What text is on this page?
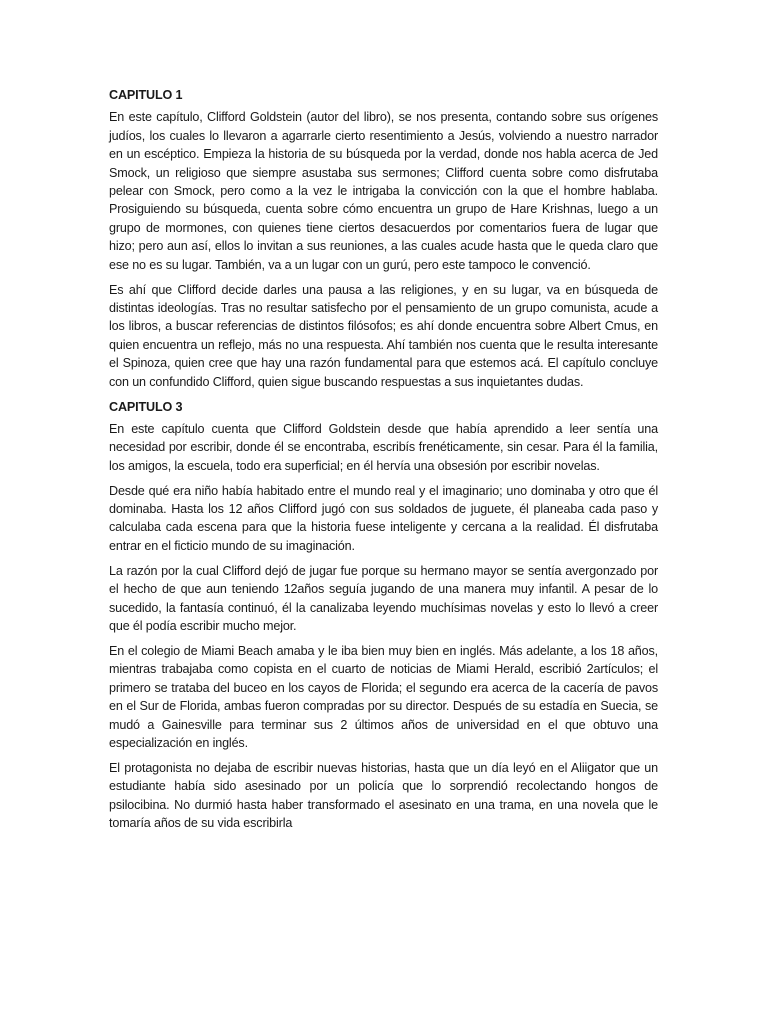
CAPITULO 1

En este capítulo, Clifford Goldstein (autor del libro), se nos presenta, contando sobre sus orígenes judíos, los cuales lo llevaron a agarrarle cierto resentimiento a Jesús, volviendo a nuestro narrador en un escéptico. Empieza la historia de su búsqueda por la verdad, donde nos habla acerca de Jed Smock, un religioso que siempre asustaba sus sermones; Clifford cuenta sobre como disfrutaba pelear con Smock, pero como a la vez le intrigaba la convicción con la que el hombre hablaba. Prosiguiendo su búsqueda, cuenta sobre cómo encuentra un grupo de Hare Krishnas, luego a un grupo de mormones, con quienes tiene ciertos desacuerdos por comentarios fuera de lugar que hizo; pero aun así, ellos lo invitan a sus reuniones, a las cuales acude hasta que le queda claro que ese no es su lugar. También, va a un lugar con un gurú, pero este tampoco le convenció.

Es ahí que Clifford decide darles una pausa a las religiones, y en su lugar, va en búsqueda de distintas ideologías. Tras no resultar satisfecho por el pensamiento de un grupo comunista, acude a los libros, a buscar referencias de distintos filósofos; es ahí donde encuentra sobre Albert Cmus, en quien encuentra un reflejo, más no una respuesta. Ahí también nos cuenta que le resulta interesante el Spinoza, quien cree que hay una razón fundamental para que estemos acá. El capítulo concluye con un confundido Clifford, quien sigue buscando respuestas a sus inquietantes dudas.

CAPITULO 3

En este capítulo cuenta que Clifford Goldstein desde que había aprendido a leer sentía una necesidad por escribir, donde él se encontraba, escribís frenéticamente, sin cesar. Para él la familia, los amigos, la escuela, todo era superficial; en él hervía una obsesión por escribir novelas.

Desde qué era niño había habitado entre el mundo real y el imaginario; uno dominaba y otro que él dominaba. Hasta los 12 años Clifford jugó con sus soldados de juguete, él planeaba cada paso y calculaba cada escena para que la historia fuese inteligente y cercana a la realidad. Él disfrutaba entrar en el ficticio mundo de su imaginación.

La razón por la cual Clifford dejó de jugar fue porque su hermano mayor se sentía avergonzado por el hecho de que aun teniendo 12años seguía jugando de una manera muy infantil. A pesar de lo sucedido, la fantasía continuó, él la canalizaba leyendo muchísimas novelas y esto lo llevó a creer que él podía escribir mucho mejor.

En el colegio de Miami Beach amaba y le iba bien muy bien en inglés. Más adelante, a los 18 años, mientras trabajaba como copista en el cuarto de noticias de Miami Herald, escribió 2artículos; el primero se trataba del buceo en los cayos de Florida; el segundo era acerca de la cacería de pavos en el Sur de Florida, ambas fueron compradas por su director. Después de su estadía en Suecia, se mudó a Gainesville para terminar sus 2 últimos años de universidad en el que obtuvo una especialización en inglés.

El protagonista no dejaba de escribir nuevas historias, hasta que un día leyó en el Aliigator que un estudiante había sido asesinado por un policía que lo sorprendió recolectando hongos de psilocibina. No durmió hasta haber transformado el asesinato en una trama, en una novela que le tomaría años de su vida escribirla
